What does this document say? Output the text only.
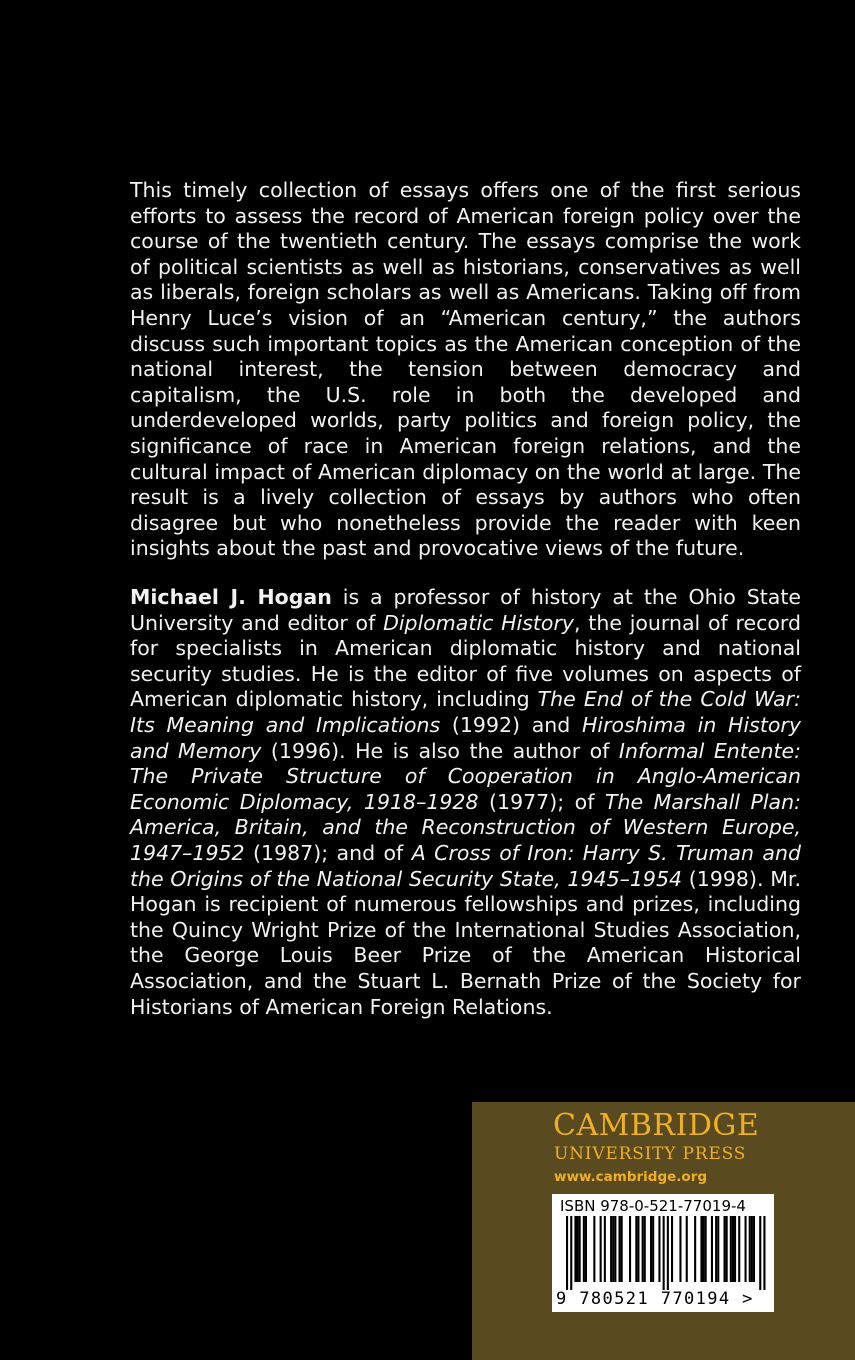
This timely collection of essays offers one of the first serious efforts to assess the record of American foreign policy over the course of the twentieth century. The essays comprise the work of political scientists as well as historians, conservatives as well as liberals, foreign scholars as well as Americans. Taking off from Henry Luce’s vision of an “American century,” the authors discuss such important topics as the American conception of the national interest, the tension between democracy and capitalism, the U.S. role in both the developed and underdeveloped worlds, party politics and foreign policy, the significance of race in American foreign relations, and the cultural impact of American diplomacy on the world at large. The result is a lively collection of essays by authors who often disagree but who nonetheless provide the reader with keen insights about the past and provocative views of the future.

Michael J. Hogan is a professor of history at the Ohio State University and editor of Diplomatic History, the journal of record for specialists in American diplomatic history and national security studies. He is the editor of five volumes on aspects of American diplomatic history, including The End of the Cold War: Its Meaning and Implications (1992) and Hiroshima in History and Memory (1996). He is also the author of Informal Entente: The Private Structure of Cooperation in Anglo-American Economic Diplomacy, 1918–1928 (1977); of The Marshall Plan: America, Britain, and the Reconstruction of Western Europe, 1947–1952 (1987); and of A Cross of Iron: Harry S. Truman and the Origins of the National Security State, 1945–1954 (1998). Mr. Hogan is recipient of numerous fellowships and prizes, including the Quincy Wright Prize of the International Studies Association, the George Louis Beer Prize of the American Historical Association, and the Stuart L. Bernath Prize of the Society for Historians of American Foreign Relations.

CAMBRIDGE

UNIVERSITY PRESS

www.cambridge.org

ISBN 978-0-521-77019-4

9 780521 770194 >
